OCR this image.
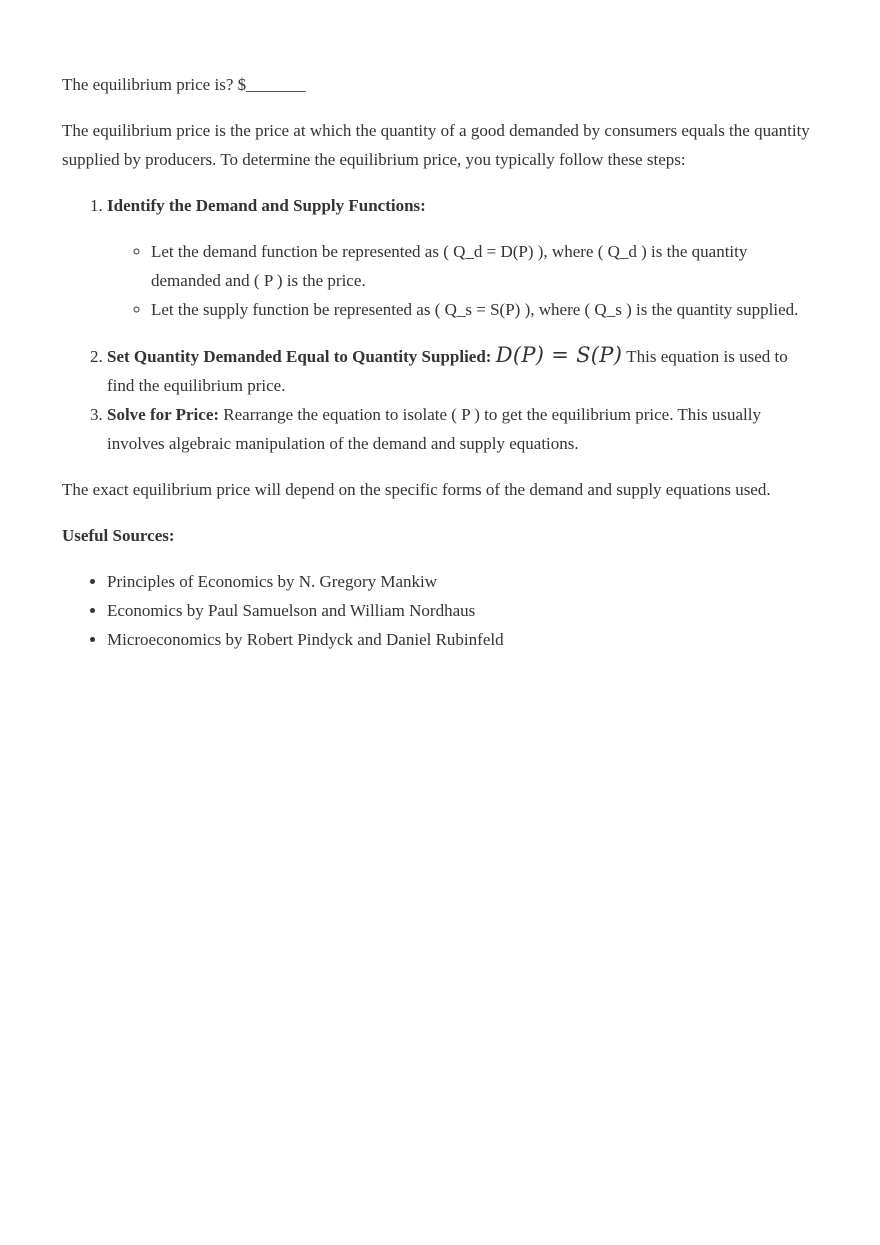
The equilibrium price is? $_______

The equilibrium price is the price at which the quantity of a good demanded by consumers equals the quantity supplied by producers. To determine the equilibrium price, you typically follow these steps:

1. Identify the Demand and Supply Functions:
◦ Let the demand function be represented as ( Q_d = D(P) ), where ( Q_d ) is the quantity demanded and ( P ) is the price.
◦ Let the supply function be represented as ( Q_s = S(P) ), where ( Q_s ) is the quantity supplied.
2. Set Quantity Demanded Equal to Quantity Supplied: D(P) = S(P) This equation is used to find the equilibrium price.
3. Solve for Price: Rearrange the equation to isolate ( P ) to get the equilibrium price. This usually involves algebraic manipulation of the demand and supply equations.

The exact equilibrium price will depend on the specific forms of the demand and supply equations used.

Useful Sources:

• Principles of Economics by N. Gregory Mankiw
• Economics by Paul Samuelson and William Nordhaus
• Microeconomics by Robert Pindyck and Daniel Rubinfeld
